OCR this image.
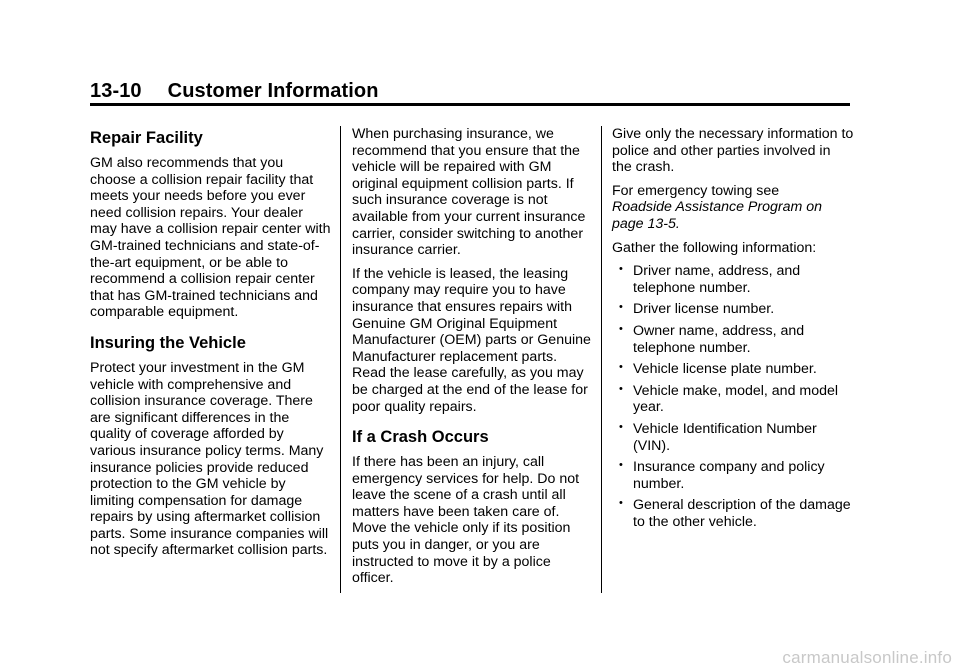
13-10 Customer Information
Repair Facility

GM also recommends that you choose a collision repair facility that meets your needs before you ever need collision repairs. Your dealer may have a collision repair center with GM-trained technicians and state-of-the-art equipment, or be able to recommend a collision repair center that has GM-trained technicians and comparable equipment.

Insuring the Vehicle

Protect your investment in the GM vehicle with comprehensive and collision insurance coverage. There are significant differences in the quality of coverage afforded by various insurance policy terms. Many insurance policies provide reduced protection to the GM vehicle by limiting compensation for damage repairs by using aftermarket collision parts. Some insurance companies will not specify aftermarket collision parts.

When purchasing insurance, we recommend that you ensure that the vehicle will be repaired with GM original equipment collision parts. If such insurance coverage is not available from your current insurance carrier, consider switching to another insurance carrier.

If the vehicle is leased, the leasing company may require you to have insurance that ensures repairs with Genuine GM Original Equipment Manufacturer (OEM) parts or Genuine Manufacturer replacement parts. Read the lease carefully, as you may be charged at the end of the lease for poor quality repairs.

If a Crash Occurs

If there has been an injury, call emergency services for help. Do not leave the scene of a crash until all matters have been taken care of. Move the vehicle only if its position puts you in danger, or you are instructed to move it by a police officer.

Give only the necessary information to police and other parties involved in the crash.

For emergency towing see
Roadside Assistance Program on page 13-5.

Gather the following information:

• Driver name, address, and telephone number.
• Driver license number.
• Owner name, address, and telephone number.
• Vehicle license plate number.
• Vehicle make, model, and model year.
• Vehicle Identification Number (VIN).
• Insurance company and policy number.
• General description of the damage to the other vehicle.
carmanualsonline.info
